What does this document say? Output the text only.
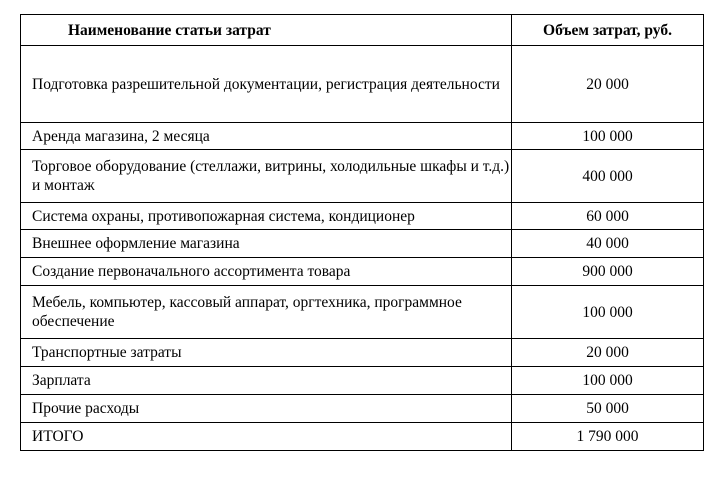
Наименование статьи затрат	Объем затрат, руб.
Подготовка разрешительной документации, регистрация деятельности	20 000
Аренда магазина, 2 месяца	100 000
Торговое оборудование (стеллажи, витрины, холодильные шкафы и т.д.) и монтаж	400 000
Система охраны, противопожарная система, кондиционер	60 000
Внешнее оформление магазина	40 000
Создание первоначального ассортимента товара	900 000
Мебель, компьютер, кассовый аппарат, оргтехника, программное обеспечение	100 000
Транспортные затраты	20 000
Зарплата	100 000
Прочие расходы	50 000
ИТОГО	1 790 000
